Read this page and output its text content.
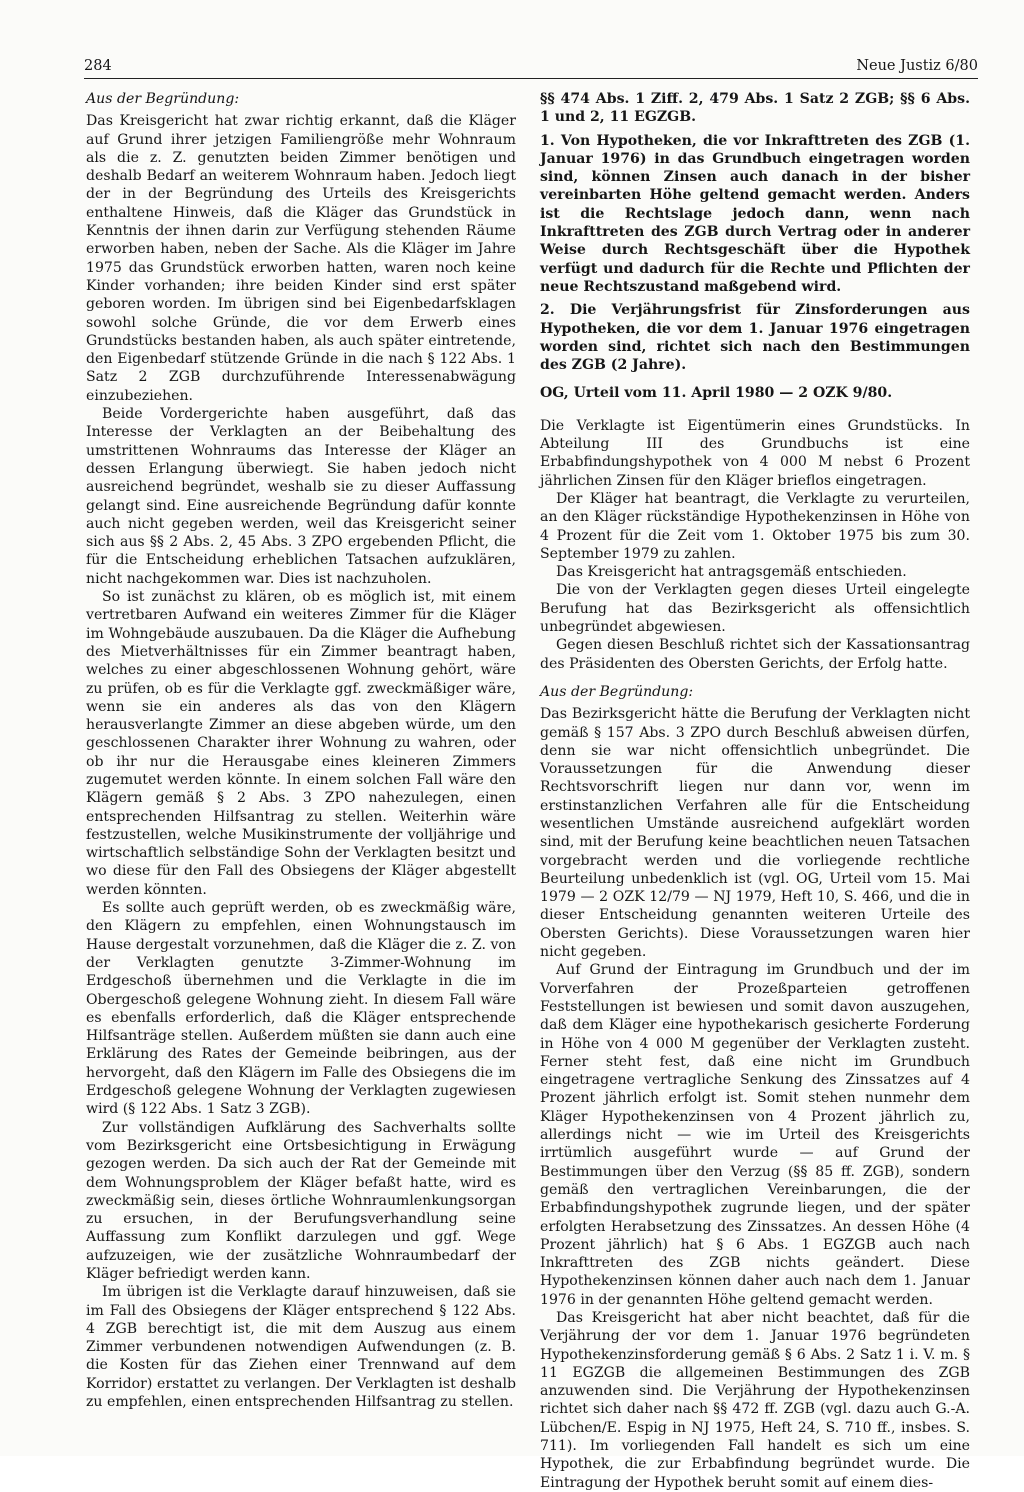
284	Neue Justiz 6/80

Aus der Begründung:

Das Kreisgericht hat zwar richtig erkannt, daß die Kläger auf Grund ihrer jetzigen Familiengröße mehr Wohnraum als die z. Z. genutzten beiden Zimmer benötigen und deshalb Bedarf an weiterem Wohnraum haben. Jedoch liegt der in der Begründung des Urteils des Kreisgerichts enthaltene Hinweis, daß die Kläger das Grundstück in Kenntnis der ihnen darin zur Verfügung stehenden Räume erworben haben, neben der Sache. Als die Kläger im Jahre 1975 das Grundstück erworben hatten, waren noch keine Kinder vorhanden; ihre beiden Kinder sind erst später geboren worden. Im übrigen sind bei Eigenbedarfsklagen sowohl solche Gründe, die vor dem Erwerb eines Grundstücks bestanden haben, als auch später eintretende, den Eigenbedarf stützende Gründe in die nach § 122 Abs. 1 Satz 2 ZGB durchzuführende Interessenabwägung einzubeziehen.

Beide Vordergerichte haben ausgeführt, daß das Interesse der Verklagten an der Beibehaltung des umstrittenen Wohnraums das Interesse der Kläger an dessen Erlangung überwiegt. Sie haben jedoch nicht ausreichend begründet, weshalb sie zu dieser Auffassung gelangt sind. Eine ausreichende Begründung dafür konnte auch nicht gegeben werden, weil das Kreisgericht seiner sich aus §§ 2 Abs. 2, 45 Abs. 3 ZPO ergebenden Pflicht, die für die Entscheidung erheblichen Tatsachen aufzuklären, nicht nachgekommen war. Dies ist nachzuholen.

So ist zunächst zu klären, ob es möglich ist, mit einem vertretbaren Aufwand ein weiteres Zimmer für die Kläger im Wohngebäude auszubauen. Da die Kläger die Aufhebung des Mietverhältnisses für ein Zimmer beantragt haben, welches zu einer abgeschlossenen Wohnung gehört, wäre zu prüfen, ob es für die Verklagte ggf. zweckmäßiger wäre, wenn sie ein anderes als das von den Klägern herausverlangte Zimmer an diese abgeben würde, um den geschlossenen Charakter ihrer Wohnung zu wahren, oder ob ihr nur die Herausgabe eines kleineren Zimmers zugemutet werden könnte. In einem solchen Fall wäre den Klägern gemäß § 2 Abs. 3 ZPO nahezulegen, einen entsprechenden Hilfsantrag zu stellen. Weiterhin wäre festzustellen, welche Musikinstrumente der volljährige und wirtschaftlich selbständige Sohn der Verklagten besitzt und wo diese für den Fall des Obsiegens der Kläger abgestellt werden könnten.

Es sollte auch geprüft werden, ob es zweckmäßig wäre, den Klägern zu empfehlen, einen Wohnungstausch im Hause dergestalt vorzunehmen, daß die Kläger die z. Z. von der Verklagten genutzte 3-Zimmer-Wohnung im Erdgeschoß übernehmen und die Verklagte in die im Obergeschoß gelegene Wohnung zieht. In diesem Fall wäre es ebenfalls erforderlich, daß die Kläger entsprechende Hilfsanträge stellen. Außerdem müßten sie dann auch eine Erklärung des Rates der Gemeinde beibringen, aus der hervorgeht, daß den Klägern im Falle des Obsiegens die im Erdgeschoß gelegene Wohnung der Verklagten zugewiesen wird (§ 122 Abs. 1 Satz 3 ZGB).

Zur vollständigen Aufklärung des Sachverhalts sollte vom Bezirksgericht eine Ortsbesichtigung in Erwägung gezogen werden. Da sich auch der Rat der Gemeinde mit dem Wohnungsproblem der Kläger befaßt hatte, wird es zweckmäßig sein, dieses örtliche Wohnraumlenkungsorgan zu ersuchen, in der Berufungsverhandlung seine Auffassung zum Konflikt darzulegen und ggf. Wege aufzuzeigen, wie der zusätzliche Wohnraumbedarf der Kläger befriedigt werden kann.

Im übrigen ist die Verklagte darauf hinzuweisen, daß sie im Fall des Obsiegens der Kläger entsprechend § 122 Abs. 4 ZGB berechtigt ist, die mit dem Auszug aus einem Zimmer verbundenen notwendigen Aufwendungen (z. B. die Kosten für das Ziehen einer Trennwand auf dem Korridor) erstattet zu verlangen. Der Verklagten ist deshalb zu empfehlen, einen entsprechenden Hilfsantrag zu stellen.

§§ 474 Abs. 1 Ziff. 2, 479 Abs. 1 Satz 2 ZGB; §§ 6 Abs. 1 und 2, 11 EGZGB.

1. Von Hypotheken, die vor Inkrafttreten des ZGB (1. Januar 1976) in das Grundbuch eingetragen worden sind, können Zinsen auch danach in der bisher vereinbarten Höhe geltend gemacht werden. Anders ist die Rechtslage jedoch dann, wenn nach Inkrafttreten des ZGB durch Vertrag oder in anderer Weise durch Rechtsgeschäft über die Hypothek verfügt und dadurch für die Rechte und Pflichten der neue Rechtszustand maßgebend wird.

2. Die Verjährungsfrist für Zinsforderungen aus Hypotheken, die vor dem 1. Januar 1976 eingetragen worden sind, richtet sich nach den Bestimmungen des ZGB (2 Jahre).

OG, Urteil vom 11. April 1980 — 2 OZK 9/80.

Die Verklagte ist Eigentümerin eines Grundstücks. In Abteilung III des Grundbuchs ist eine Erbabfindungshypothek von 4 000 M nebst 6 Prozent jährlichen Zinsen für den Kläger brieflos eingetragen.

Der Kläger hat beantragt, die Verklagte zu verurteilen, an den Kläger rückständige Hypothekenzinsen in Höhe von 4 Prozent für die Zeit vom 1. Oktober 1975 bis zum 30. September 1979 zu zahlen.

Das Kreisgericht hat antragsgemäß entschieden.

Die von der Verklagten gegen dieses Urteil eingelegte Berufung hat das Bezirksgericht als offensichtlich unbegründet abgewiesen.

Gegen diesen Beschluß richtet sich der Kassationsantrag des Präsidenten des Obersten Gerichts, der Erfolg hatte.

Aus der Begründung:

Das Bezirksgericht hätte die Berufung der Verklagten nicht gemäß § 157 Abs. 3 ZPO durch Beschluß abweisen dürfen, denn sie war nicht offensichtlich unbegründet. Die Voraussetzungen für die Anwendung dieser Rechtsvorschrift liegen nur dann vor, wenn im erstinstanzlichen Verfahren alle für die Entscheidung wesentlichen Umstände ausreichend aufgeklärt worden sind, mit der Berufung keine beachtlichen neuen Tatsachen vorgebracht werden und die vorliegende rechtliche Beurteilung unbedenklich ist (vgl. OG, Urteil vom 15. Mai 1979 — 2 OZK 12/79 — NJ 1979, Heft 10, S. 466, und die in dieser Entscheidung genannten weiteren Urteile des Obersten Gerichts). Diese Voraussetzungen waren hier nicht gegeben.

Auf Grund der Eintragung im Grundbuch und der im Vorverfahren der Prozeßparteien getroffenen Feststellungen ist bewiesen und somit davon auszugehen, daß dem Kläger eine hypothekarisch gesicherte Forderung in Höhe von 4 000 M gegenüber der Verklagten zusteht. Ferner steht fest, daß eine nicht im Grundbuch eingetragene vertragliche Senkung des Zinssatzes auf 4 Prozent jährlich erfolgt ist. Somit stehen nunmehr dem Kläger Hypothekenzinsen von 4 Prozent jährlich zu, allerdings nicht — wie im Urteil des Kreisgerichts irrtümlich ausgeführt wurde — auf Grund der Bestimmungen über den Verzug (§§ 85 ff. ZGB), sondern gemäß den vertraglichen Vereinbarungen, die der Erbabfindungshypothek zugrunde liegen, und der später erfolgten Herabsetzung des Zinssatzes. An dessen Höhe (4 Prozent jährlich) hat § 6 Abs. 1 EGZGB auch nach Inkrafttreten des ZGB nichts geändert. Diese Hypothekenzinsen können daher auch nach dem 1. Januar 1976 in der genannten Höhe geltend gemacht werden.

Das Kreisgericht hat aber nicht beachtet, daß für die Verjährung der vor dem 1. Januar 1976 begründeten Hypothekenzinsforderung gemäß § 6 Abs. 2 Satz 1 i. V. m. § 11 EGZGB die allgemeinen Bestimmungen des ZGB anzuwenden sind. Die Verjährung der Hypothekenzinsen richtet sich daher nach §§ 472 ff. ZGB (vgl. dazu auch G.-A. Lübchen/E. Espig in NJ 1975, Heft 24, S. 710 ff., insbes. S. 711). Im vorliegenden Fall handelt es sich um eine Hypothek, die zur Erbabfindung begründet wurde. Die Eintragung der Hypothek beruht somit auf einem dies-
